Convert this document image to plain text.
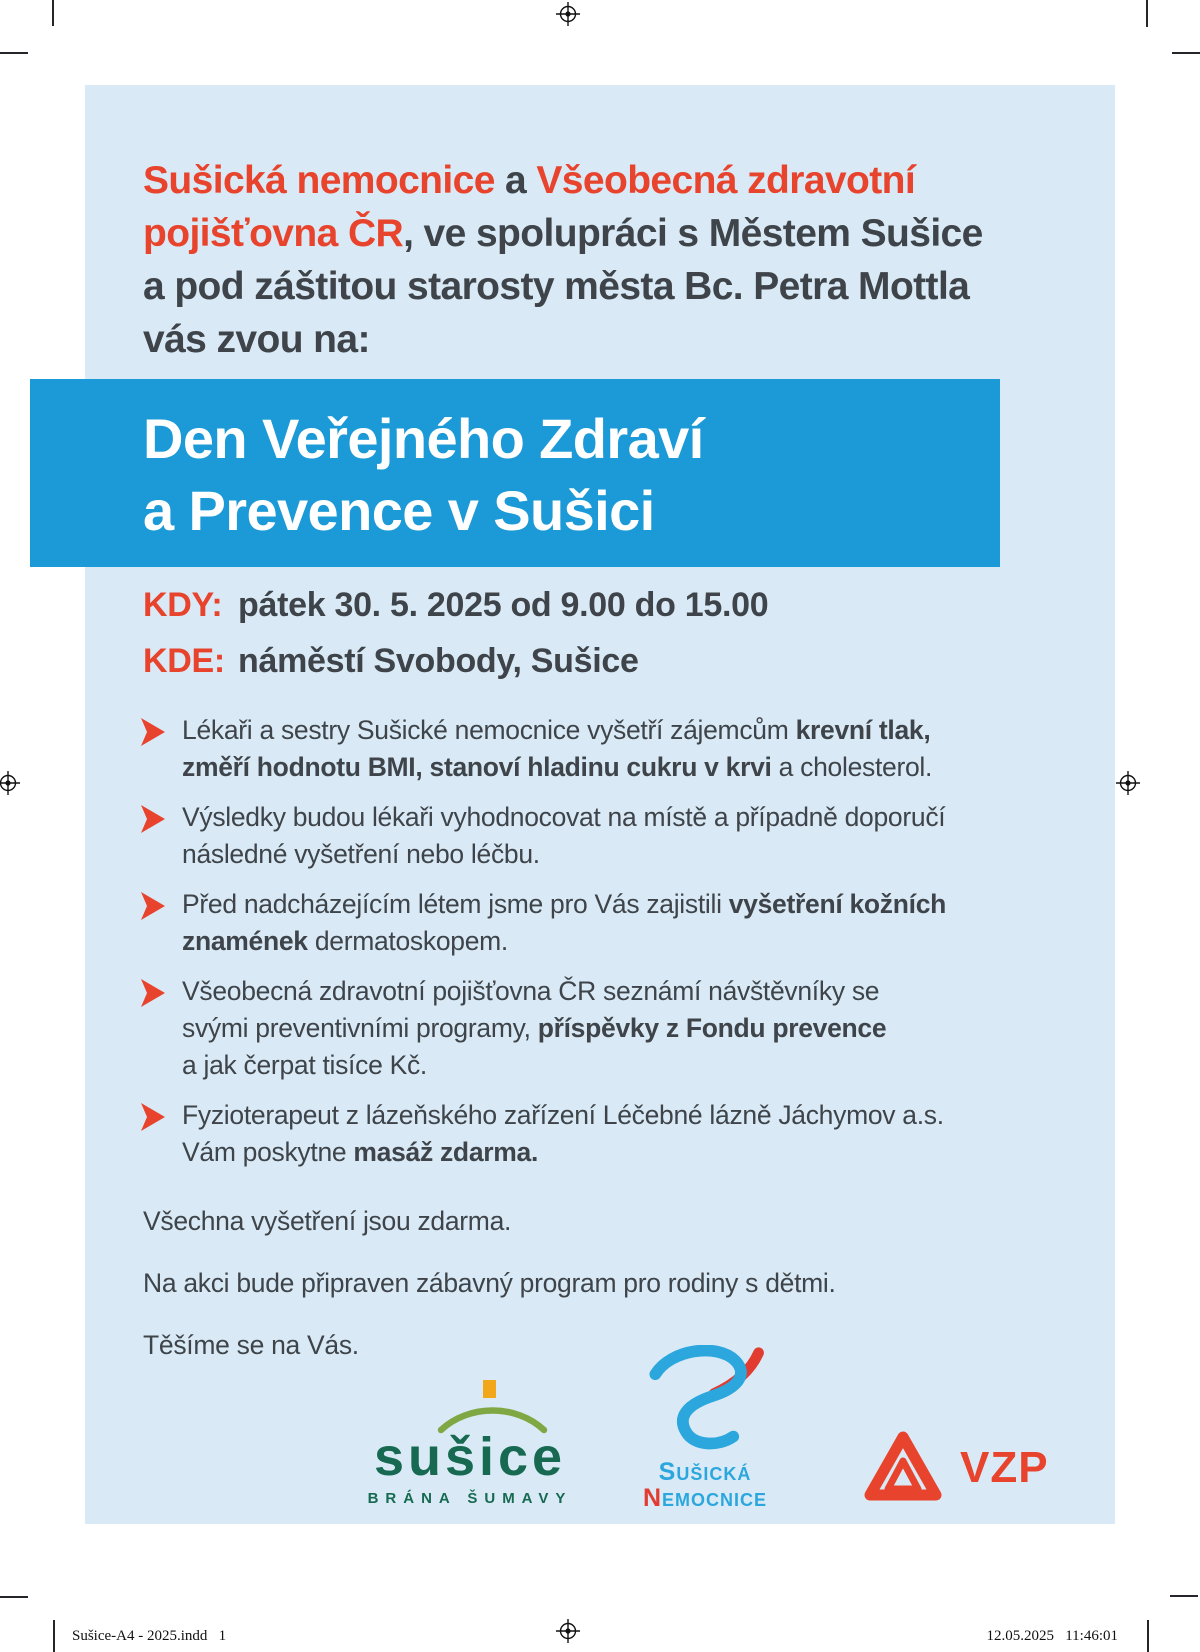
Sušická nemocnice a Všeobecná zdravotní
pojišťovna ČR, ve spolupráci s Městem Sušice
a pod záštitou starosty města Bc. Petra Mottla
vás zvou na:
Den Veřejného Zdraví
a Prevence v Sušici
KDY: pátek 30. 5. 2025 od 9.00 do 15.00
KDE: náměstí Svobody, Sušice
Lékaři a sestry Sušické nemocnice vyšetří zájemcům krevní tlak,
změří hodnotu BMI, stanoví hladinu cukru v krvi a cholesterol.
Výsledky budou lékaři vyhodnocovat na místě a případně doporučí
následné vyšetření nebo léčbu.
Před nadcházejícím létem jsme pro Vás zajistili vyšetření kožních
znamének dermatoskopem.
Všeobecná zdravotní pojišťovna ČR seznámí návštěvníky se
svými preventivními programy, příspěvky z Fondu prevence
a jak čerpat tisíce Kč.
Fyzioterapeut z lázeňského zařízení Léčebné lázně Jáchymov a.s.
Vám poskytne masáž zdarma.
Všechna vyšetření jsou zdarma.
Na akci bude připraven zábavný program pro rodiny s dětmi.
Těšíme se na Vás.
sušice
BRÁNA ŠUMAVY
Sušická
Nemocnice
VZP
Sušice-A4 - 2025.indd   1	12.05.2025   11:46:01
